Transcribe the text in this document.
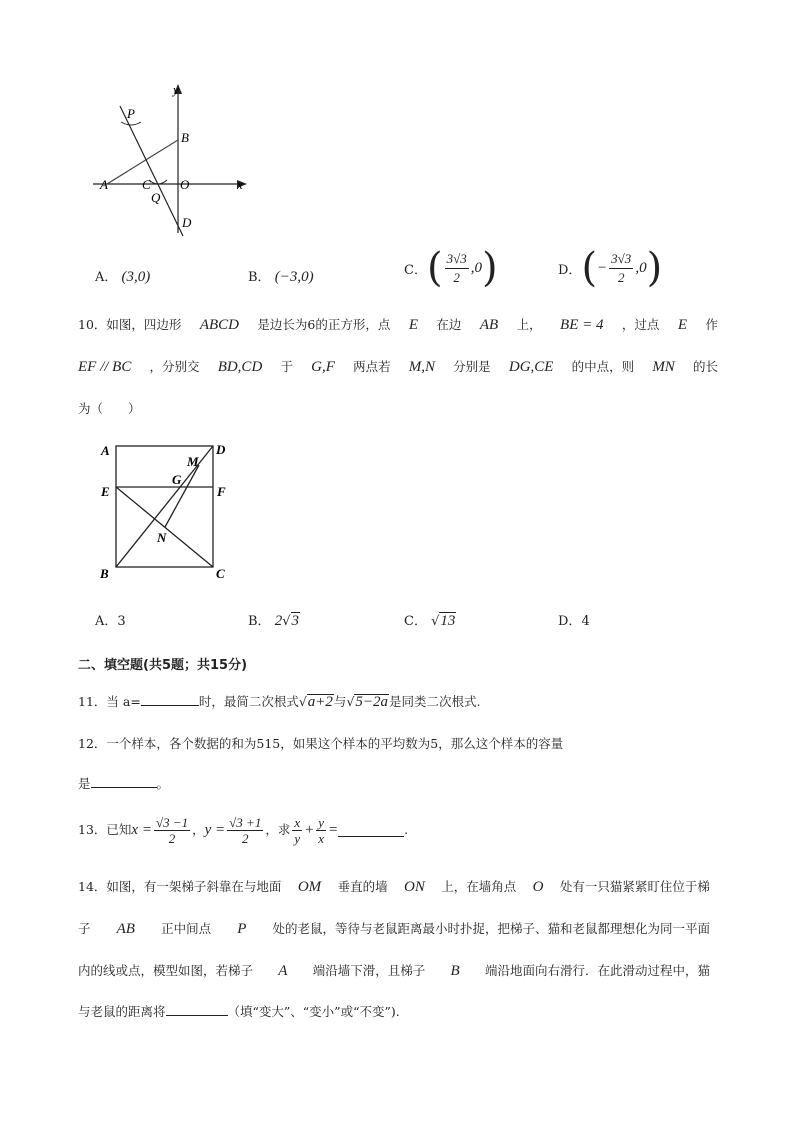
y
x
P
B
A	C O
Q
D
A． (3,0)	B． (−3,0)	C． ( $\frac{3√3}{2} ,0$ )	D． ( − $\frac{3√3}{2} ,0$ )
10．如图，四边形 ABCD 是边长为6的正方形，点 E 在边 AB 上， BE = 4 ，过点 E 作
EF // BC ，分别交 BD,CD 于 G,F 两点若 M,N 分别是 DG,CE 的中点，则 MN 的长
为（　　）
A	D
M
G
E	F
N
B	C
A．3	B． 2√3	C． √13	D．4
二、填空题(共5题；共15分)
11．当 a=	时，最简二次根式 √ a+2 与 √ 5−2a 是同类二次根式.
12．一个样本，各个数据的和为515，如果这个样本的平均数为5，那么这个样本的容量
是	。
13．已知 $x = \frac{√3 -1}{2}$ ， $y = \frac{√3 +1}{2}$ ，求 $\frac{x}{y} + \frac{y}{x}$ =	.
14．如图，有一架梯子斜靠在与地面 OM 垂直的墙 ON 上，在墙角点 O 处有一只猫紧紧盯住位于梯
子 AB 正中间点 P 处的老鼠，等待与老鼠距离最小时扑捉，把梯子、猫和老鼠都理想化为同一平面
内的线或点，模型如图，若梯子 A 端沿墙下滑，且梯子 B 端沿地面向右滑行．在此滑动过程中，猫
与老鼠的距离将	（填“变大”、“变小”或“不变”).
